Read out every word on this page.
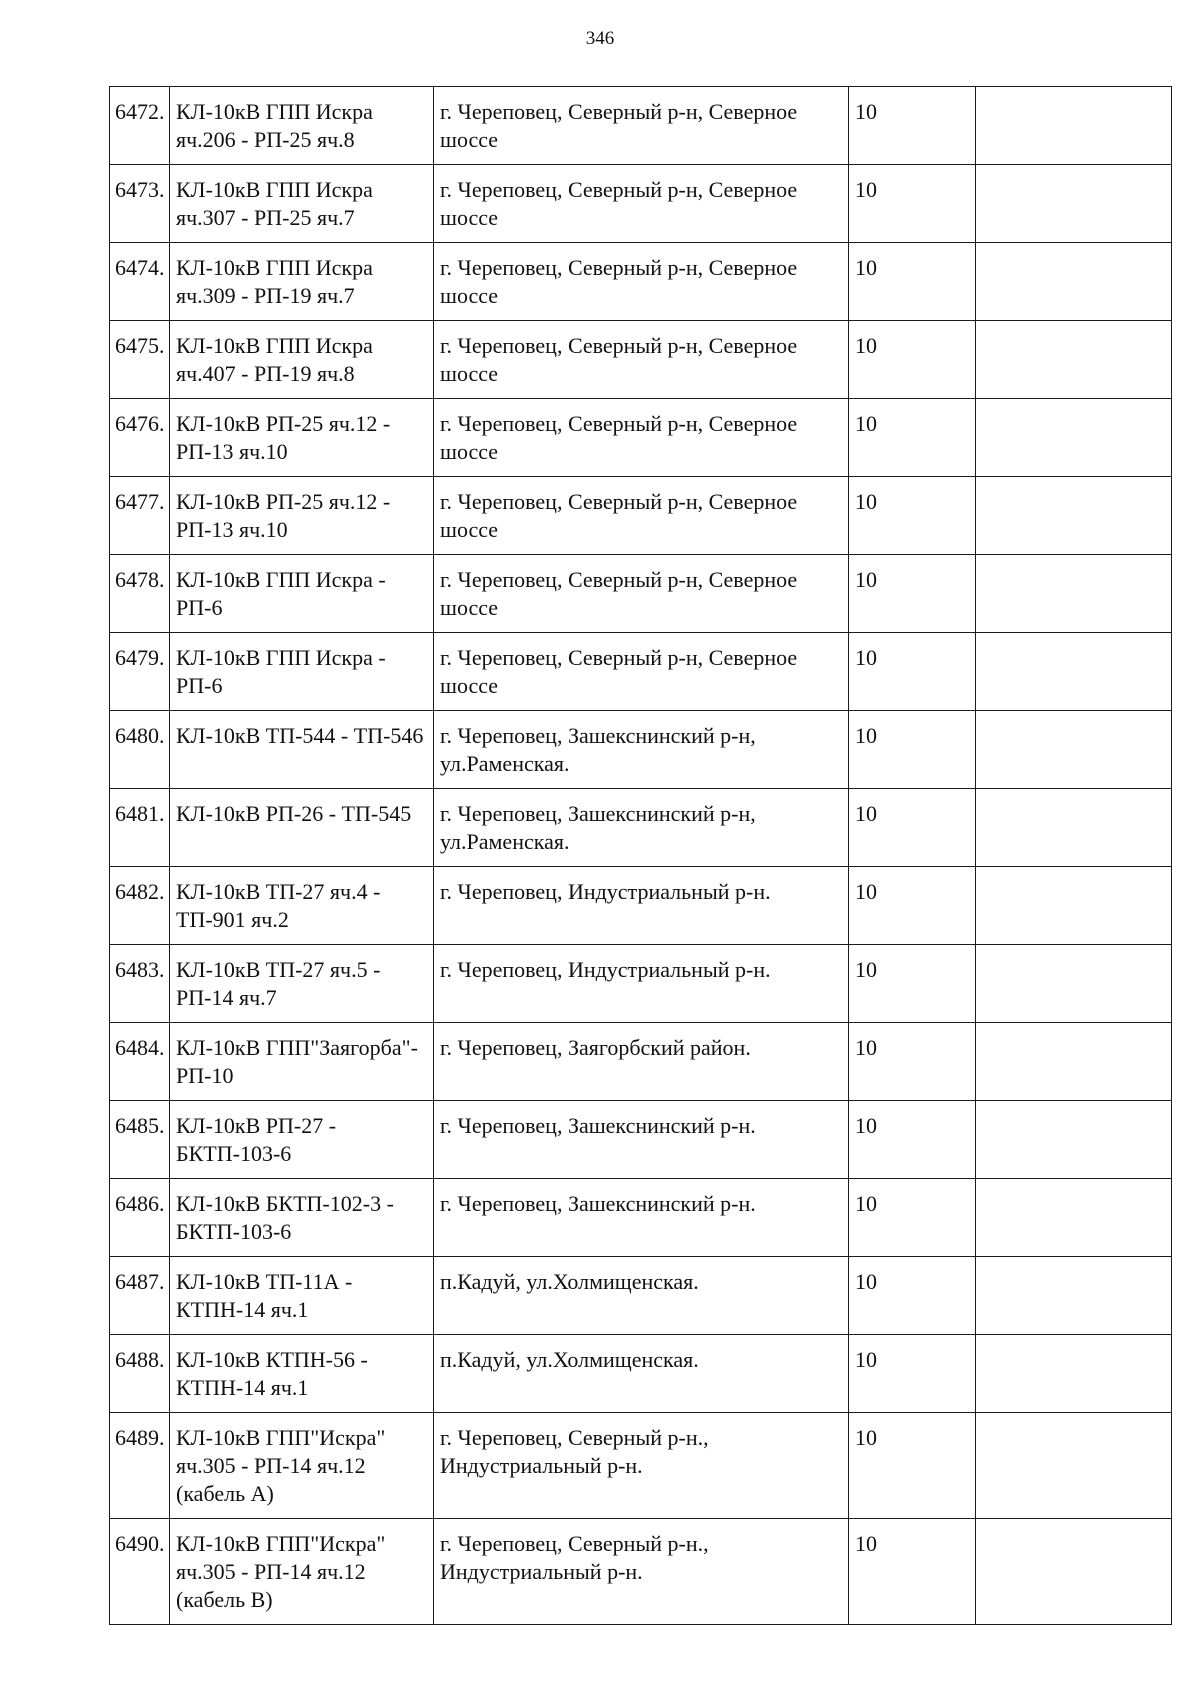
346
6472.	КЛ-10кВ ГПП Искра яч.206 - РП-25 яч.8	г. Череповец, Северный р-н, Северное шоссе	10	
6473.	КЛ-10кВ ГПП Искра яч.307 - РП-25 яч.7	г. Череповец, Северный р-н, Северное шоссе	10	
6474.	КЛ-10кВ ГПП Искра яч.309 - РП-19 яч.7	г. Череповец, Северный р-н, Северное шоссе	10	
6475.	КЛ-10кВ ГПП Искра яч.407 - РП-19 яч.8	г. Череповец, Северный р-н, Северное шоссе	10	
6476.	КЛ-10кВ РП-25 яч.12 - РП-13 яч.10	г. Череповец, Северный р-н, Северное шоссе	10	
6477.	КЛ-10кВ РП-25 яч.12 - РП-13 яч.10	г. Череповец, Северный р-н, Северное шоссе	10	
6478.	КЛ-10кВ ГПП Искра - РП-6	г. Череповец, Северный р-н, Северное шоссе	10	
6479.	КЛ-10кВ ГПП Искра - РП-6	г. Череповец, Северный р-н, Северное шоссе	10	
6480.	КЛ-10кВ ТП-544 - ТП-546	г. Череповец, Зашекснинский р-н, ул.Раменская.	10	
6481.	КЛ-10кВ РП-26 - ТП-545	г. Череповец, Зашекснинский р-н, ул.Раменская.	10	
6482.	КЛ-10кВ ТП-27 яч.4 - ТП-901 яч.2	г. Череповец, Индустриальный р-н.	10	
6483.	КЛ-10кВ ТП-27 яч.5 - РП-14 яч.7	г. Череповец, Индустриальный р-н.	10	
6484.	КЛ-10кВ ГПП"Заягорба"- РП-10	г. Череповец, Заягорбский район.	10	
6485.	КЛ-10кВ РП-27 - БКТП-103-6	г. Череповец, Зашекснинский р-н.	10	
6486.	КЛ-10кВ БКТП-102-3 - БКТП-103-6	г. Череповец, Зашекснинский р-н.	10	
6487.	КЛ-10кВ ТП-11А - КТПН-14 яч.1	п.Кадуй, ул.Холмищенская.	10	
6488.	КЛ-10кВ КТПН-56 - КТПН-14 яч.1	п.Кадуй, ул.Холмищенская.	10	
6489.	КЛ-10кВ ГПП"Искра" яч.305 - РП-14 яч.12 (кабель А)	г. Череповец, Северный р-н., Индустриальный р-н.	10	
6490.	КЛ-10кВ ГПП"Искра" яч.305 - РП-14 яч.12 (кабель В)	г. Череповец, Северный р-н., Индустриальный р-н.	10	
